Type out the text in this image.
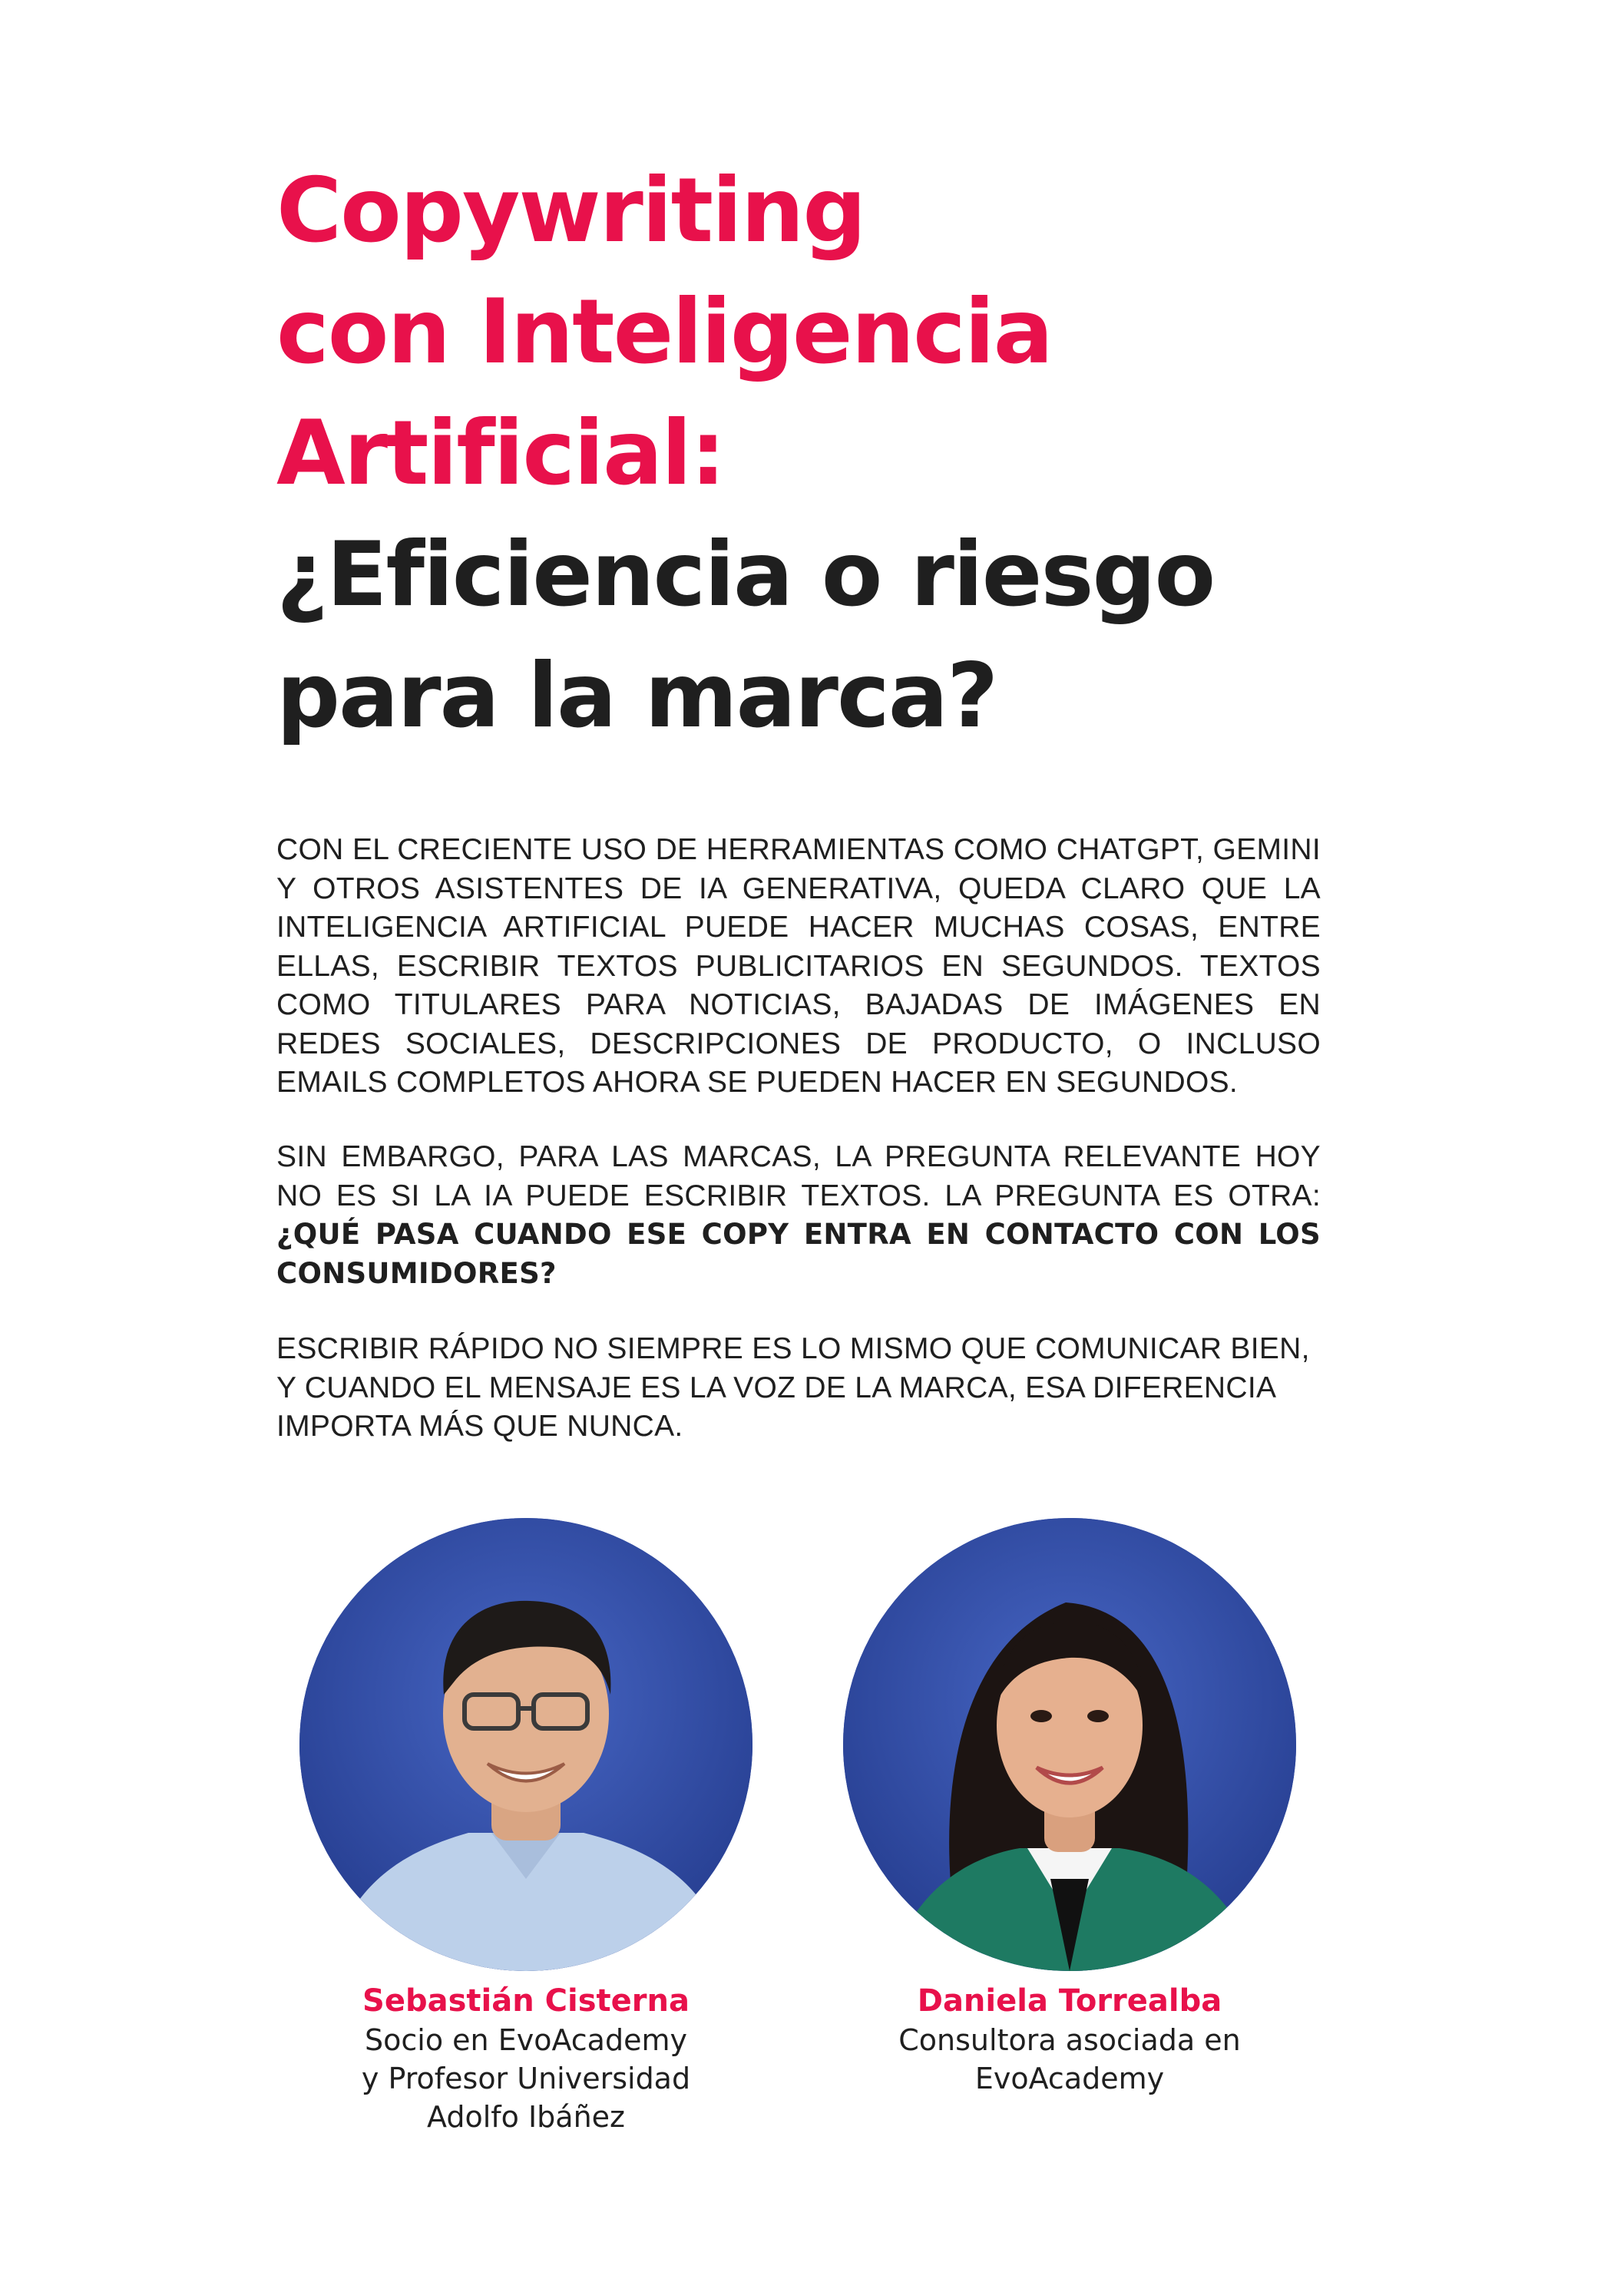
Copywriting
con Inteligencia
Artificial:
¿Eficiencia o riesgo
para la marca?

CON EL CRECIENTE USO DE HERRAMIENTAS COMO CHATGPT, GEMINI Y OTROS ASISTENTES DE IA GENERATIVA, QUEDA CLARO QUE LA INTELIGENCIA ARTIFICIAL PUEDE HACER MUCHAS COSAS, ENTRE ELLAS, ESCRIBIR TEXTOS PUBLICITARIOS EN SEGUNDOS. TEXTOS COMO TITULARES PARA NOTICIAS, BAJADAS DE IMÁGENES EN REDES SOCIALES, DESCRIPCIONES DE PRODUCTO, O INCLUSO EMAILS COMPLETOS AHORA SE PUEDEN HACER EN SEGUNDOS.

SIN EMBARGO, PARA LAS MARCAS, LA PREGUNTA RELEVANTE HOY NO ES SI LA IA PUEDE ESCRIBIR TEXTOS. LA PREGUNTA ES OTRA: ¿QUÉ PASA CUANDO ESE COPY ENTRA EN CONTACTO CON LOS CONSUMIDORES?

ESCRIBIR RÁPIDO NO SIEMPRE ES LO MISMO QUE COMUNICAR BIEN, Y CUANDO EL MENSAJE ES LA VOZ DE LA MARCA, ESA DIFERENCIA IMPORTA MÁS QUE NUNCA.

Sebastián Cisterna
Socio en EvoAcademy
y Profesor Universidad
Adolfo Ibáñez
Daniela Torrealba
Consultora asociada en
EvoAcademy
